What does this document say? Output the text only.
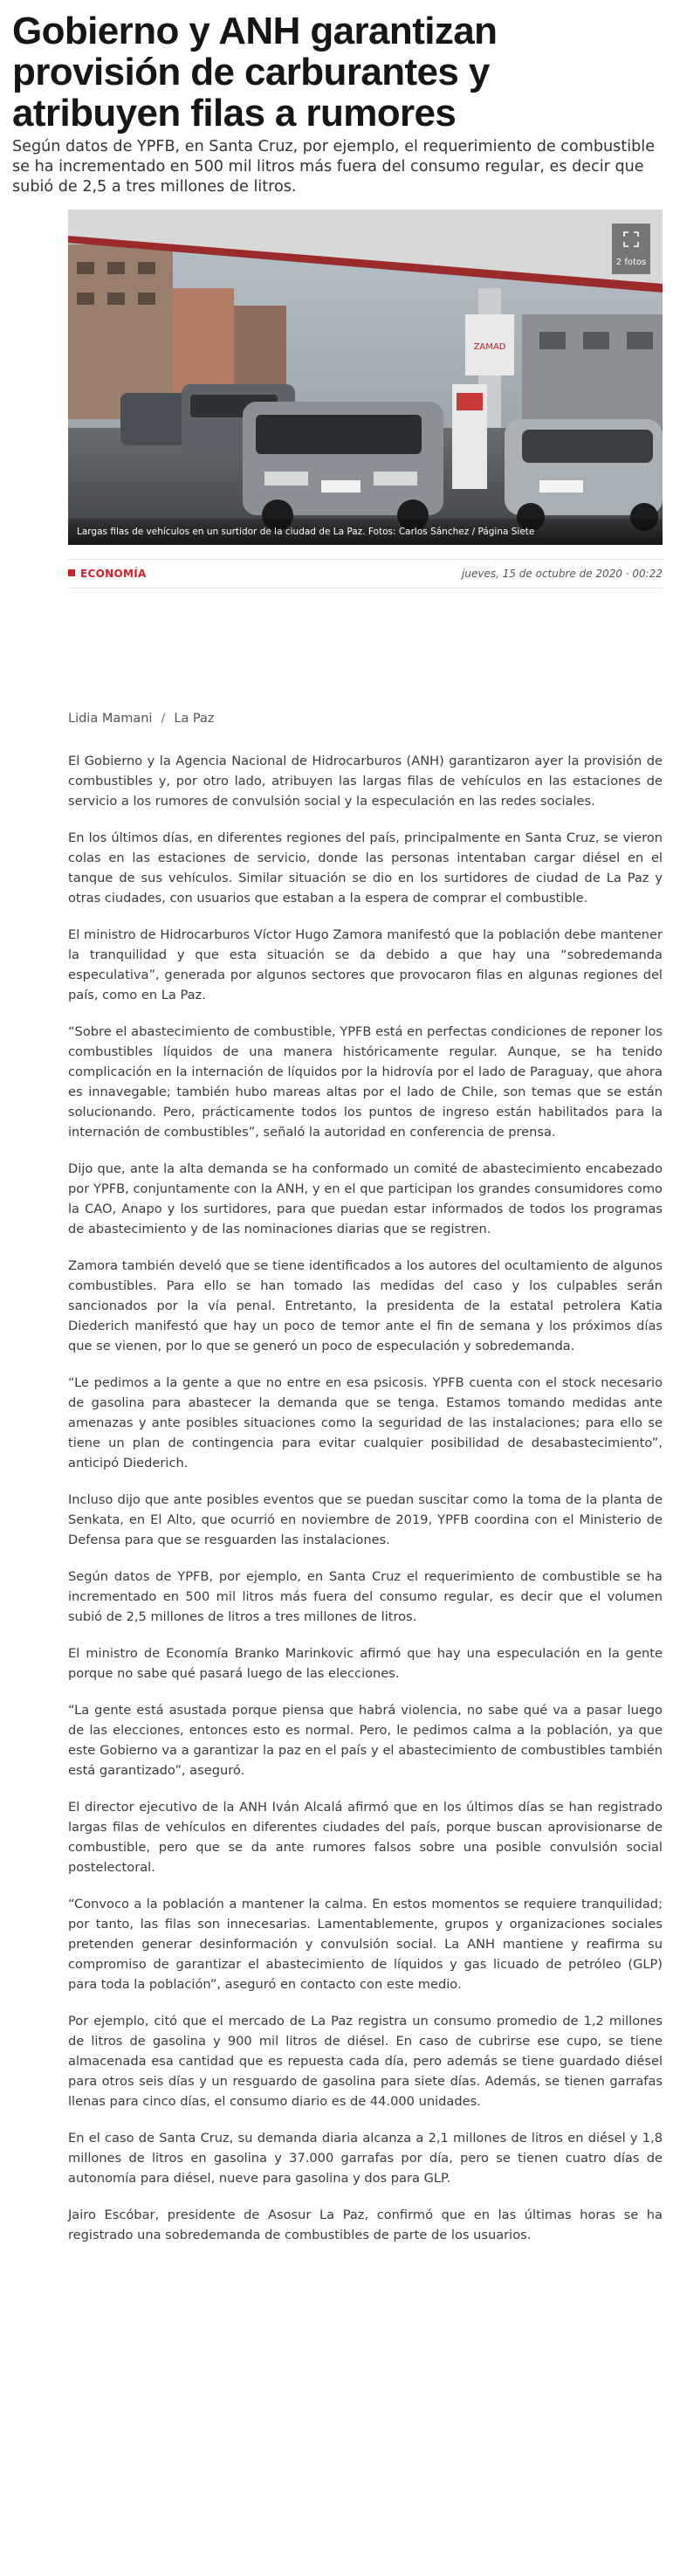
Gobierno y ANH garantizan provisión de carburantes y atribuyen filas a rumores

Según datos de YPFB, en Santa Cruz, por ejemplo, el requerimiento de combustible se ha incrementado en 500 mil litros más fuera del consumo regular, es decir que subió de 2,5 a tres millones de litros.

ZAMAD
2 fotos
Largas filas de vehículos en un surtidor de la ciudad de La Paz. Fotos: Carlos Sánchez / Página Siete
ECONOMÍA	jueves, 15 de octubre de 2020 · 00:22
Lidia Mamani / La Paz

El Gobierno y la Agencia Nacional de Hidrocarburos (ANH) garantizaron ayer la provisión de combustibles y, por otro lado, atribuyen las largas filas de vehículos en las estaciones de servicio a los rumores de convulsión social y la especulación en las redes sociales.

En los últimos días, en diferentes regiones del país, principalmente en Santa Cruz, se vieron colas en las estaciones de servicio, donde las personas intentaban cargar diésel en el tanque de sus vehículos. Similar situación se dio en los surtidores de ciudad de La Paz y otras ciudades, con usuarios que estaban a la espera de comprar el combustible.

El ministro de Hidrocarburos Víctor Hugo Zamora manifestó que la población debe mantener la tranquilidad y que esta situación se da debido a que hay una “sobredemanda especulativa”, generada por algunos sectores que provocaron filas en algunas regiones del país, como en La Paz.

“Sobre el abastecimiento de combustible, YPFB está en perfectas condiciones de reponer los combustibles líquidos de una manera históricamente regular. Aunque, se ha tenido complicación en la internación de líquidos por la hidrovía por el lado de Paraguay, que ahora es innavegable; también hubo mareas altas por el lado de Chile, son temas que se están solucionando. Pero, prácticamente todos los puntos de ingreso están habilitados para la internación de combustibles”, señaló la autoridad en conferencia de prensa.

Dijo que, ante la alta demanda se ha conformado un comité de abastecimiento encabezado por YPFB, conjuntamente con la ANH, y en el que participan los grandes consumidores como la CAO, Anapo y los surtidores, para que puedan estar informados de todos los programas de abastecimiento y de las nominaciones diarias que se registren.

Zamora también develó que se tiene identificados a los autores del ocultamiento de algunos combustibles. Para ello se han tomado las medidas del caso y los culpables serán sancionados por la vía penal. Entretanto, la presidenta de la estatal petrolera Katia Diederich manifestó que hay un poco de temor ante el fin de semana y los próximos días que se vienen, por lo que se generó un poco de especulación y sobredemanda.

“Le pedimos a la gente a que no entre en esa psicosis. YPFB cuenta con el stock necesario de gasolina para abastecer la demanda que se tenga. Estamos tomando medidas ante amenazas y ante posibles situaciones como la seguridad de las instalaciones; para ello se tiene un plan de contingencia para evitar cualquier posibilidad de desabastecimiento”, anticipó Diederich.

Incluso dijo que ante posibles eventos que se puedan suscitar como la toma de la planta de Senkata, en El Alto, que ocurrió en noviembre de 2019, YPFB coordina con el Ministerio de Defensa para que se resguarden las instalaciones.

Según datos de YPFB, por ejemplo, en Santa Cruz el requerimiento de combustible se ha incrementado en 500 mil litros más fuera del consumo regular, es decir que el volumen subió de 2,5 millones de litros a tres millones de litros.

El ministro de Economía Branko Marinkovic afirmó que hay una especulación en la gente porque no sabe qué pasará luego de las elecciones.

“La gente está asustada porque piensa que habrá violencia, no sabe qué va a pasar luego de las elecciones, entonces esto es normal. Pero, le pedimos calma a la población, ya que este Gobierno va a garantizar la paz en el país y el abastecimiento de combustibles también está garantizado”, aseguró.

El director ejecutivo de la ANH Iván Alcalá afirmó que en los últimos días se han registrado largas filas de vehículos en diferentes ciudades del país, porque buscan aprovisionarse de combustible, pero que se da ante rumores falsos sobre una posible convulsión social postelectoral.

“Convoco a la población a mantener la calma. En estos momentos se requiere tranquilidad; por tanto, las filas son innecesarias. Lamentablemente, grupos y organizaciones sociales pretenden generar desinformación y convulsión social. La ANH mantiene y reafirma su compromiso de garantizar el abastecimiento de líquidos y gas licuado de petróleo (GLP) para toda la población”, aseguró en contacto con este medio.

Por ejemplo, citó que el mercado de La Paz registra un consumo promedio de 1,2 millones de litros de gasolina y 900 mil litros de diésel. En caso de cubrirse ese cupo, se tiene almacenada esa cantidad que es repuesta cada día, pero además se tiene guardado diésel para otros seis días y un resguardo de gasolina para siete días. Además, se tienen garrafas llenas para cinco días, el consumo diario es de 44.000 unidades.

En el caso de Santa Cruz, su demanda diaria alcanza a 2,1 millones de litros en diésel y 1,8 millones de litros en gasolina y 37.000 garrafas por día, pero se tienen cuatro días de autonomía para diésel, nueve para gasolina y dos para GLP.

Jairo Escóbar, presidente de Asosur La Paz, confirmó que en las últimas horas se ha registrado una sobredemanda de combustibles de parte de los usuarios.
